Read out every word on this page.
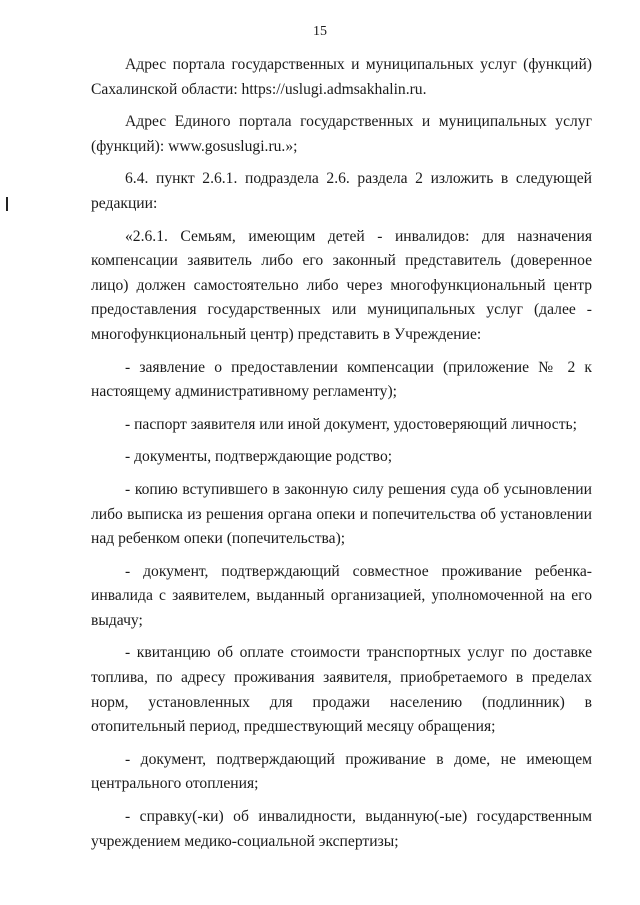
15

Адрес портала государственных и муниципальных услуг (функций) Сахалинской области: https://uslugi.admsakhalin.ru.

Адрес Единого портала государственных и муниципальных услуг (функций): www.gosuslugi.ru.»;

6.4. пункт 2.6.1. подраздела 2.6. раздела 2 изложить в следующей редакции:

«2.6.1. Семьям, имеющим детей - инвалидов: для назначения компенсации заявитель либо его законный представитель (доверенное лицо) должен самостоятельно либо через многофункциональный центр предоставления государственных или муниципальных услуг (далее - многофункциональный центр) представить в Учреждение:

- заявление о предоставлении компенсации (приложение № 2 к настоящему административному регламенту);

- паспорт заявителя или иной документ, удостоверяющий личность;

- документы, подтверждающие родство;

- копию вступившего в законную силу решения суда об усыновлении либо выписка из решения органа опеки и попечительства об установлении над ребенком опеки (попечительства);

- документ, подтверждающий совместное проживание ребенка-инвалида с заявителем, выданный организацией, уполномоченной на его выдачу;

- квитанцию об оплате стоимости транспортных услуг по доставке топлива, по адресу проживания заявителя, приобретаемого в пределах норм, установленных для продажи населению (подлинник) в отопительный период, предшествующий месяцу обращения;

- документ, подтверждающий проживание в доме, не имеющем центрального отопления;

- справку(-ки) об инвалидности, выданную(-ые) государственным учреждением медико-социальной экспертизы;
